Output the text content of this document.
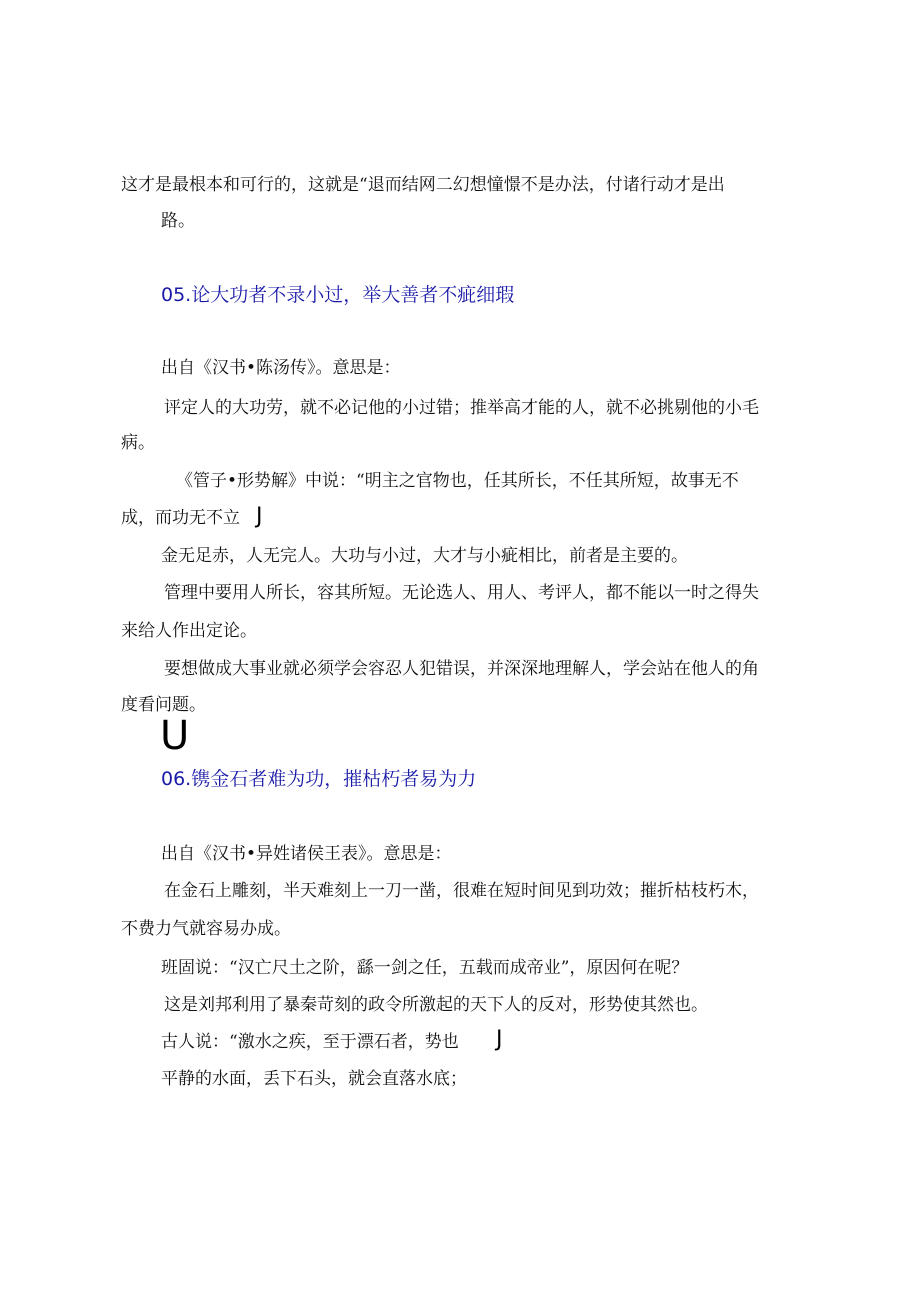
这才是最根本和可行的，这就是“退而结网二幻想憧憬不是办法，付诸行动才是出
路。
05.论大功者不录小过，举大善者不疵细瑕
出自《汉书•陈汤传》。意思是：
评定人的大功劳，就不必记他的小过错；推举高才能的人，就不必挑剔他的小毛
病。
《管子•形势解》中说：“明主之官物也，任其所长，不任其所短，故事无不
成，而功无不立 J
金无足赤，人无完人。大功与小过，大才与小疵相比，前者是主要的。
管理中要用人所长，容其所短。无论选人、用人、考评人，都不能以一时之得失
来给人作出定论。
要想做成大事业就必须学会容忍人犯错误，并深深地理解人，学会站在他人的角
度看问题。
U
06.镌金石者难为功，摧枯朽者易为力
出自《汉书•异姓诸侯王表》。意思是：
在金石上雕刻，半天难刻上一刀一凿，很难在短时间见到功效；摧折枯枝朽木，
不费力气就容易办成。
班固说：“汉亡尺土之阶，繇一剑之任，五载而成帝业”，原因何在呢？
这是刘邦利用了暴秦苛刻的政令所激起的天下人的反对，形势使其然也。
古人说：“激水之疾，至于漂石者，势也 J
平静的水面，丢下石头，就会直落水底；
